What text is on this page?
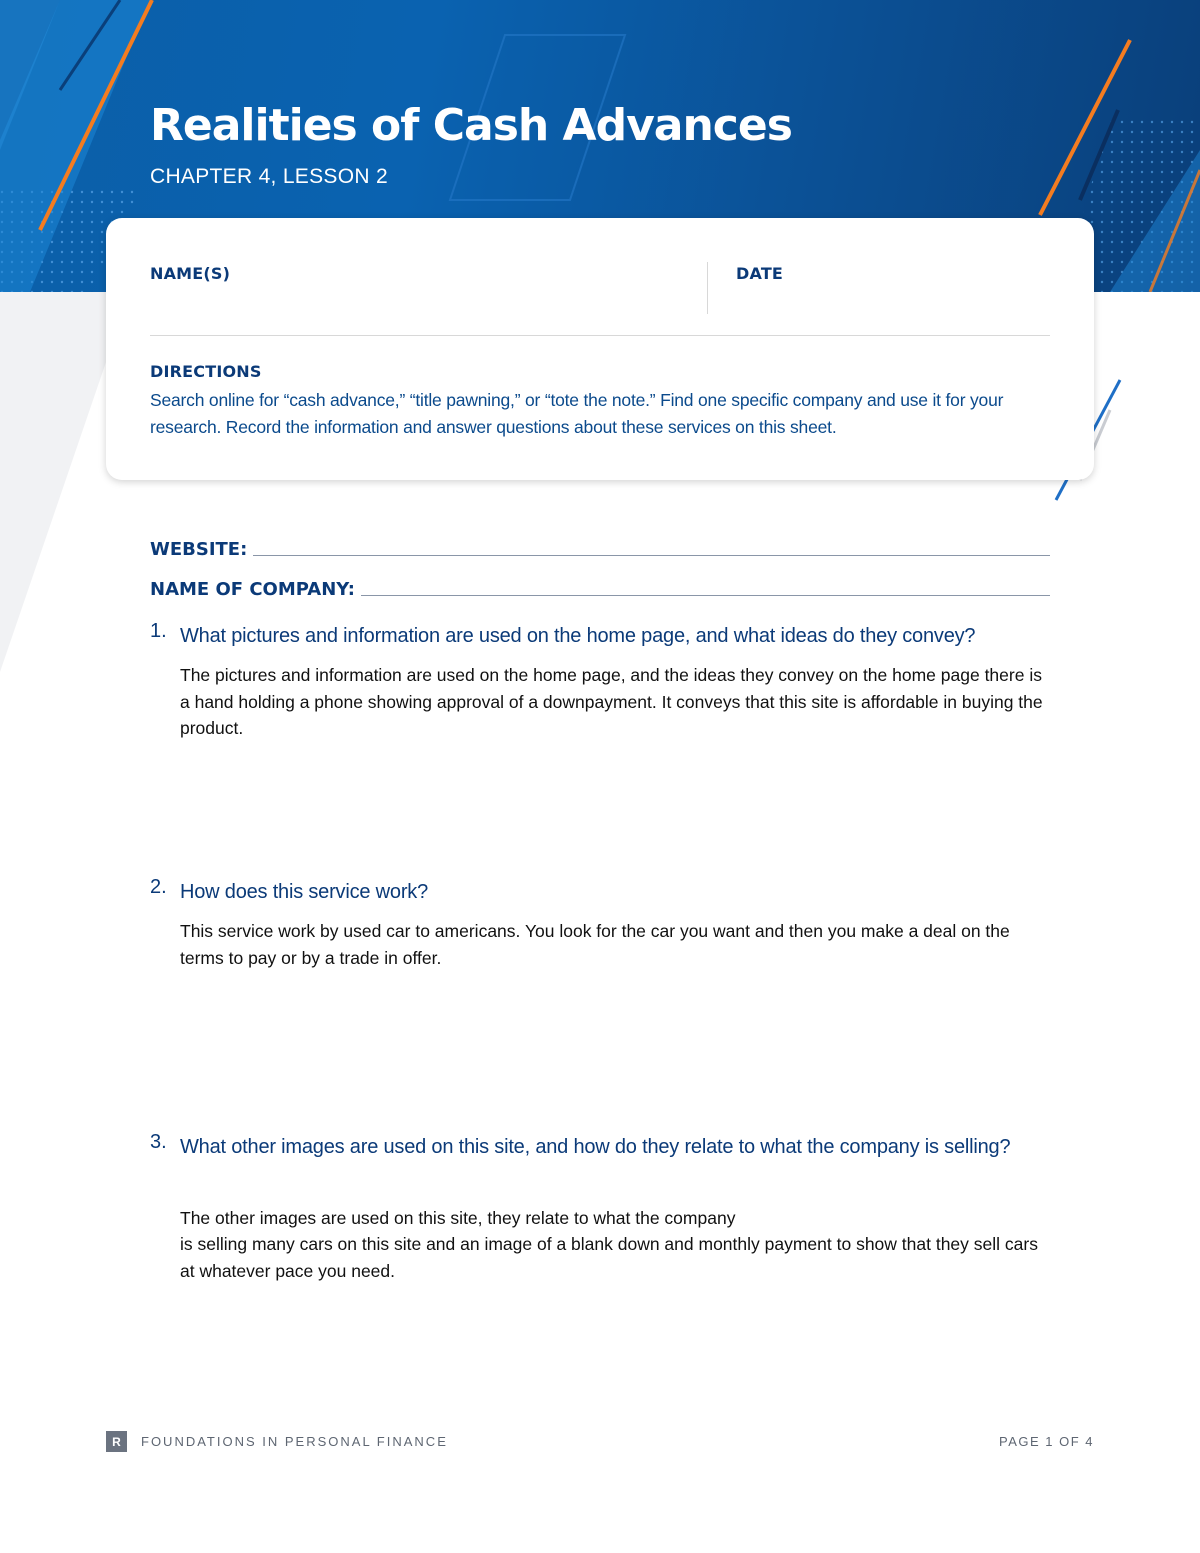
Realities of Cash Advances
CHAPTER 4, LESSON 2
NAME(S)	DATE
DIRECTIONS
Search online for “cash advance,” “title pawning,” or “tote the note.” Find one specific company and use it for your research. Record the information and answer questions about these services on this sheet.
WEBSITE:
NAME OF COMPANY:
1. What pictures and information are used on the home page, and what ideas do they convey?
The pictures and information are used on the home page, and the ideas they convey on the home page there is a hand holding a phone showing approval of a downpayment. It conveys that this site is affordable in buying the product.
2. How does this service work?
This service work by used car to americans. You look for the car you want and then you make a deal on the terms to pay or by a trade in offer.
3. What other images are used on this site, and how do they relate to what the company is selling?
The other images are used on this site, they relate to what the company
is selling many cars on this site and an image of a blank down and monthly payment to show that they sell cars at whatever pace you need.
R	FOUNDATIONS IN PERSONAL FINANCE	PAGE 1 OF 4
